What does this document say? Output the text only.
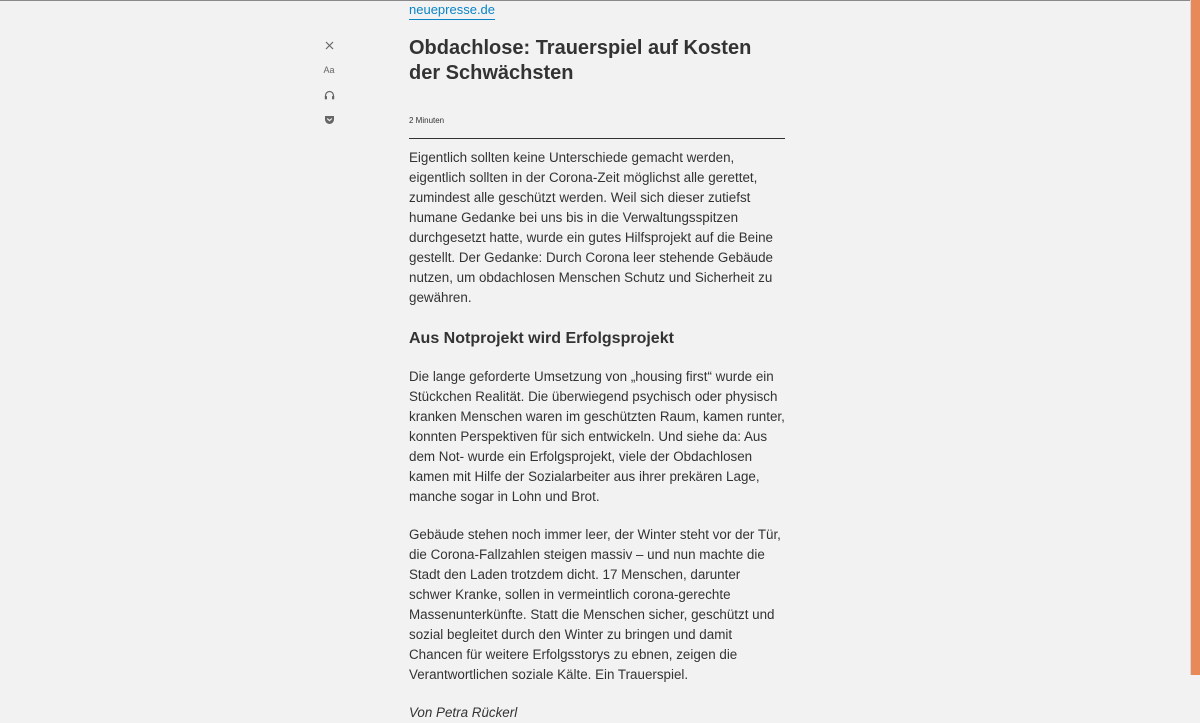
Aa
neuepresse.de
Obdachlose: Trauerspiel auf Kosten der Schwächsten
2 Minuten

Eigentlich sollten keine Unterschiede gemacht werden, eigentlich sollten in der Corona-Zeit möglichst alle gerettet, zumindest alle geschützt werden. Weil sich dieser zutiefst humane Gedanke bei uns bis in die Verwaltungsspitzen durchgesetzt hatte, wurde ein gutes Hilfsprojekt auf die Beine gestellt. Der Gedanke: Durch Corona leer stehende Gebäude nutzen, um obdachlosen Menschen Schutz und Sicherheit zu gewähren.

Aus Notprojekt wird Erfolgsprojekt

Die lange geforderte Umsetzung von „housing first“ wurde ein Stückchen Realität. Die überwiegend psychisch oder physisch kranken Menschen waren im geschützten Raum, kamen runter, konnten Perspektiven für sich entwickeln. Und siehe da: Aus dem Not- wurde ein Erfolgsprojekt, viele der Obdachlosen kamen mit Hilfe der Sozialarbeiter aus ihrer prekären Lage, manche sogar in Lohn und Brot.

Gebäude stehen noch immer leer, der Winter steht vor der Tür, die Corona-Fallzahlen steigen massiv – und nun machte die Stadt den Laden trotzdem dicht. 17 Menschen, darunter schwer Kranke, sollen in vermeintlich corona-gerechte Massenunterkünfte. Statt die Menschen sicher, geschützt und sozial begleitet durch den Winter zu bringen und damit Chancen für weitere Erfolgsstorys zu ebnen, zeigen die Verantwortlichen soziale Kälte. Ein Trauerspiel.

Von Petra Rückerl
